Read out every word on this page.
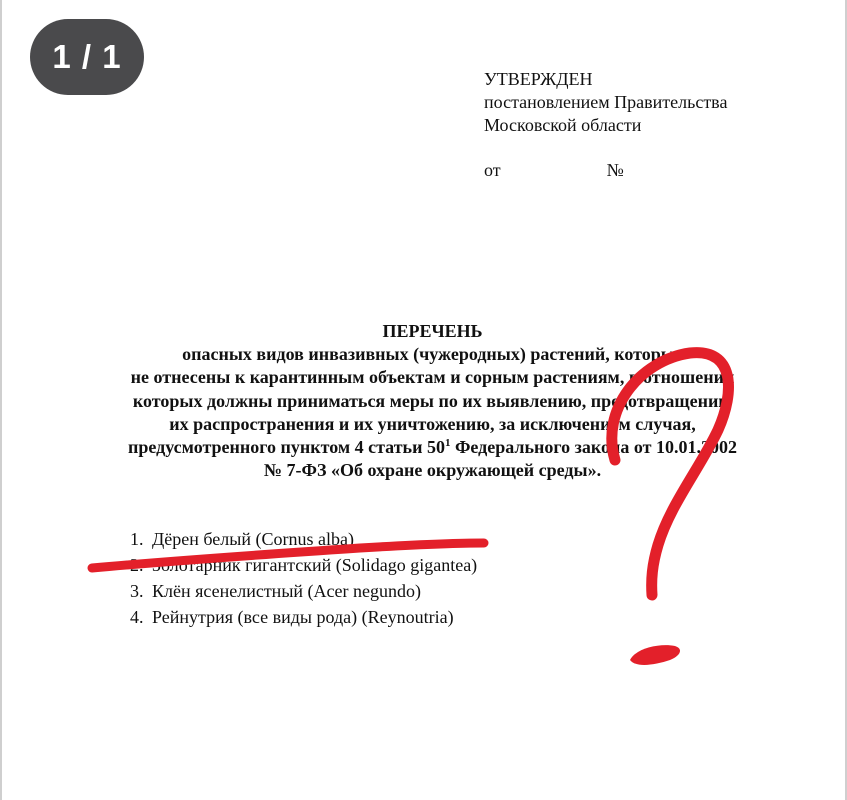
1 / 1
УТВЕРЖДЕН
постановлением Правительства
Московской области
от	№
ПЕРЕЧЕНЬ
опасных видов инвазивных (чужеродных) растений, которые
не отнесены к карантинным объектам и сорным растениям, в отношении
которых должны приниматься меры по их выявлению, предотвращению
их распространения и их уничтожению, за исключением случая,
предусмотренного пунктом 4 статьи $50^1$ Федерального закона от 10.01.2002
№ 7-ФЗ «Об охране окружающей среды».
1. Дёрен белый (Cornus alba)
2. Золотарник гигантский (Solidago gigantea)
3. Клён ясенелистный (Acer negundo)
4. Рейнутрия (все виды рода) (Reynoutria)
